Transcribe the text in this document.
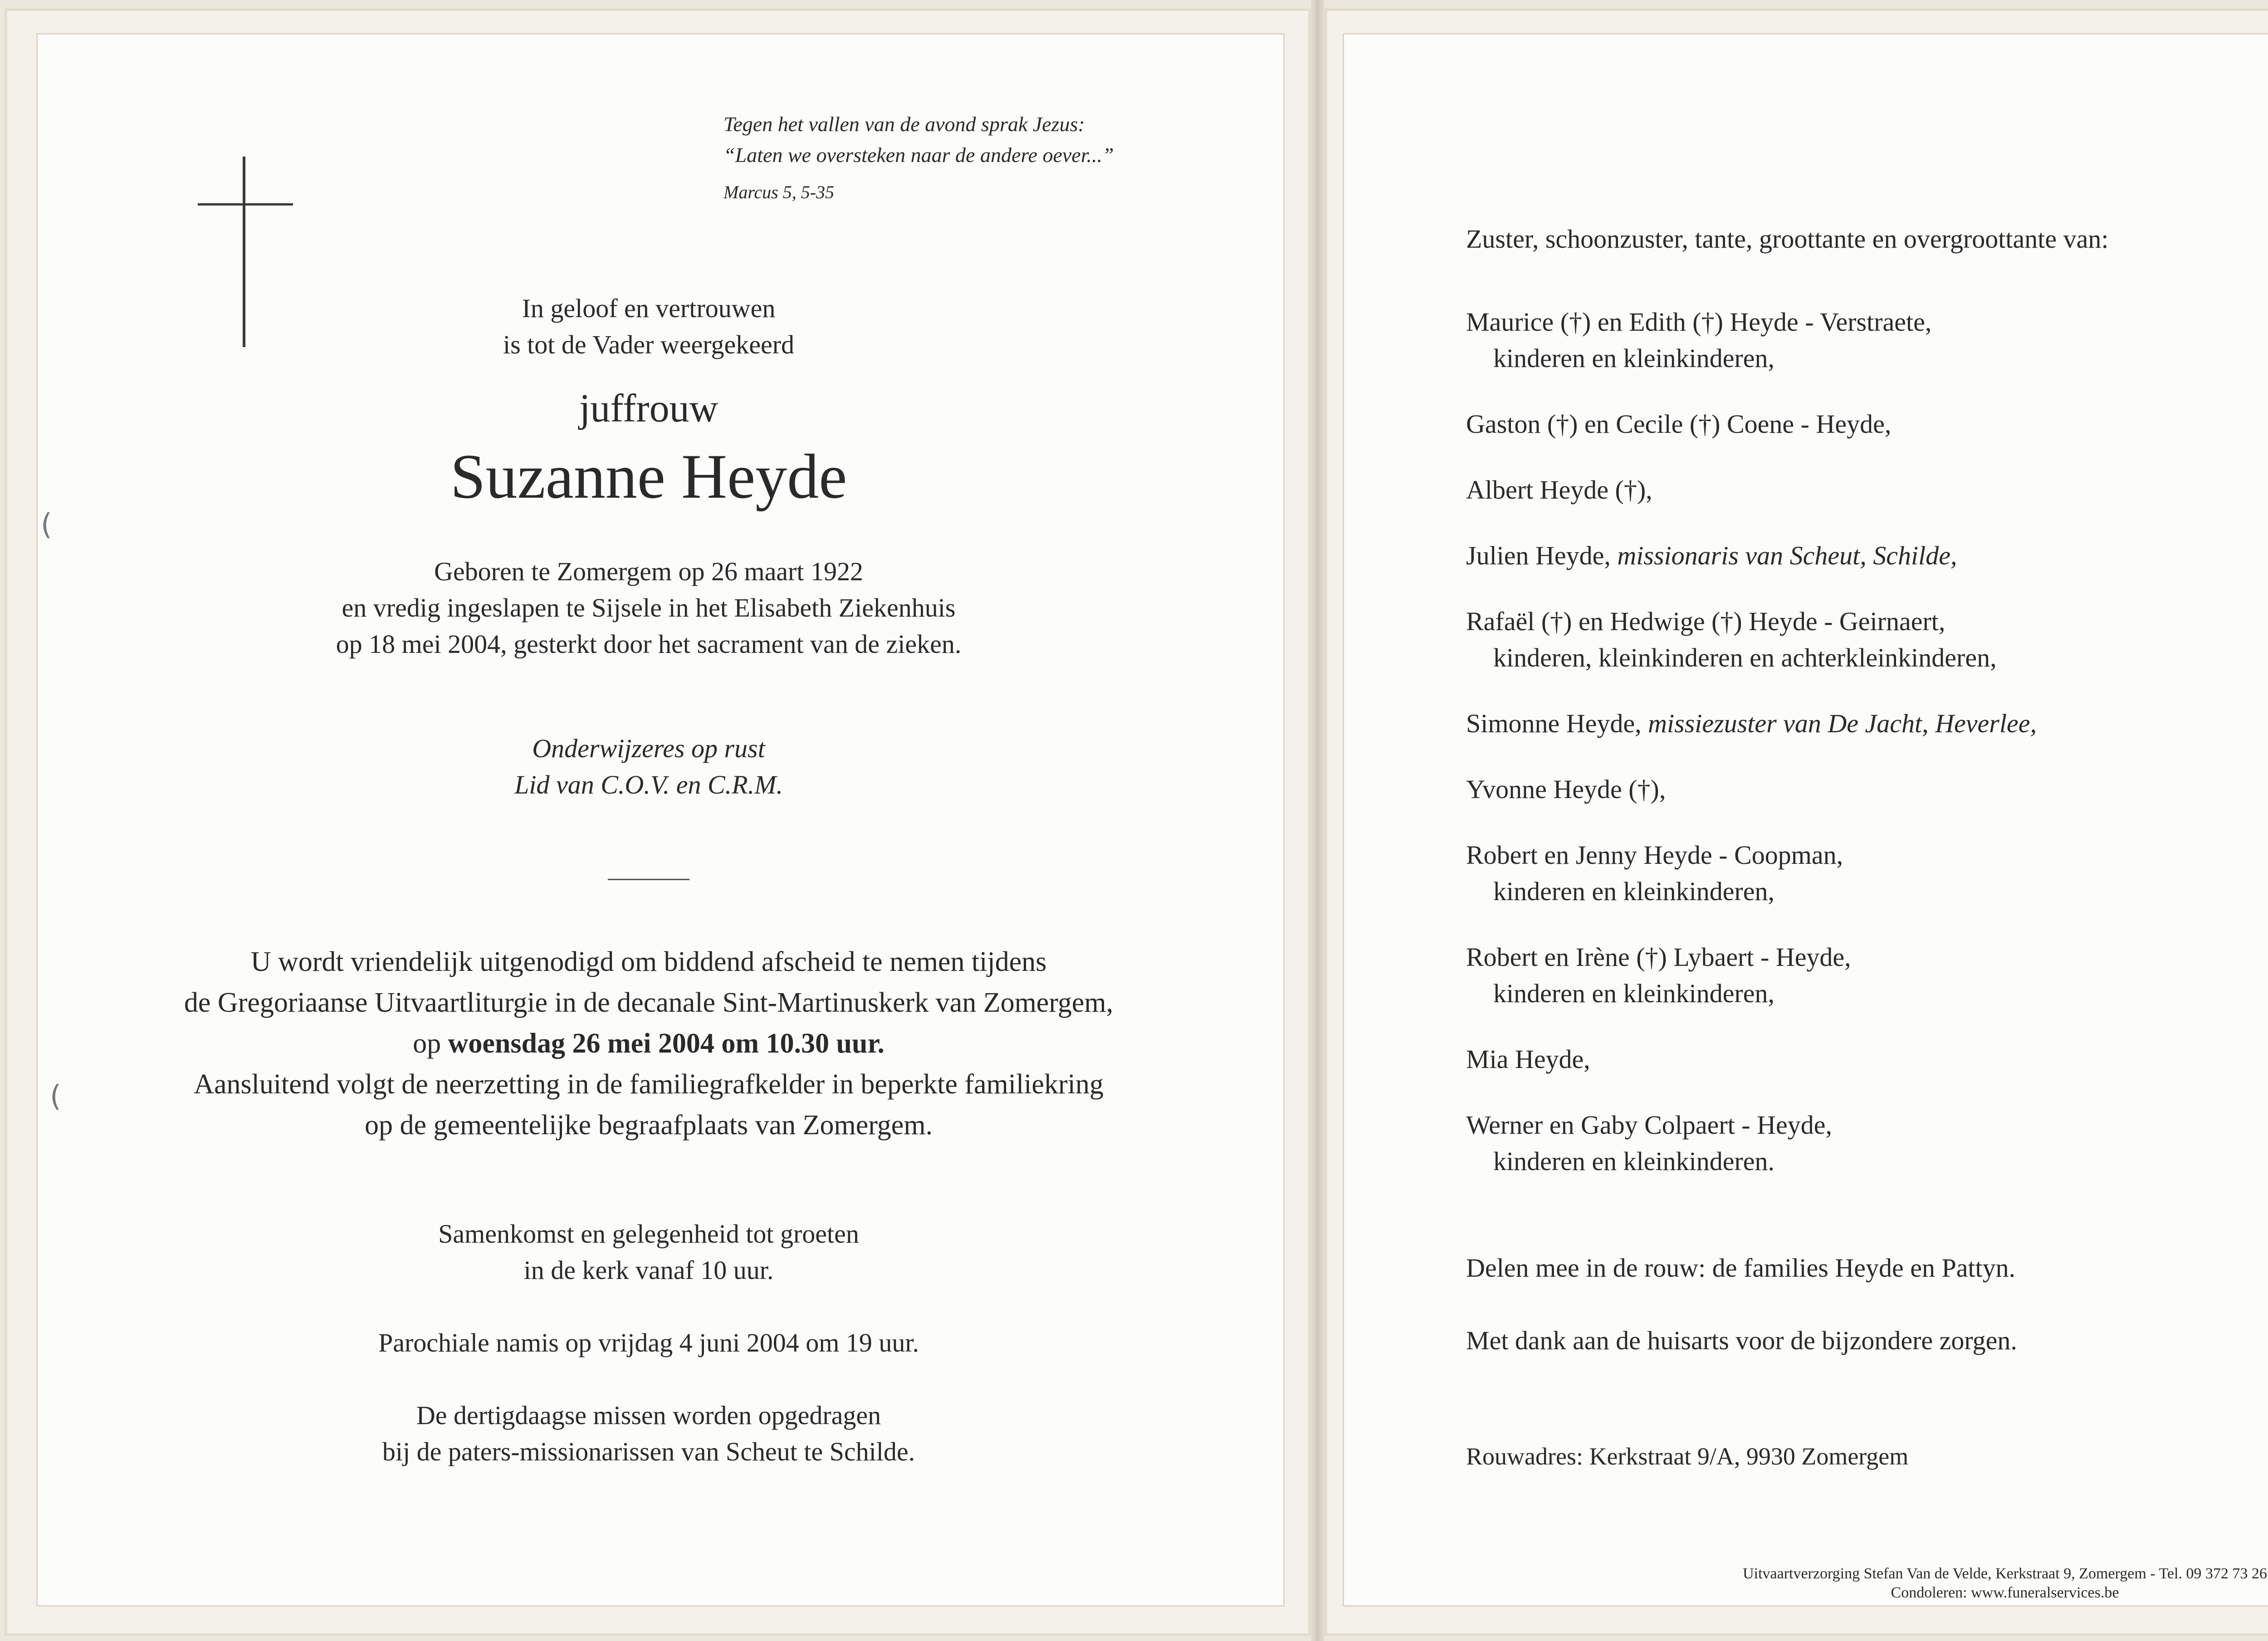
(
(
Tegen het vallen van de avond sprak Jezus:
“Laten we oversteken naar de andere oever...”
Marcus 5, 5-35
In geloof en vertrouwen
is tot de Vader weergekeerd
juffrouw
Suzanne Heyde
Geboren te Zomergem op 26 maart 1922
en vredig ingeslapen te Sijsele in het Elisabeth Ziekenhuis
op 18 mei 2004, gesterkt door het sacrament van de zieken.
Onderwijzeres op rust
Lid van C.O.V. en C.R.M.
U wordt vriendelijk uitgenodigd om biddend afscheid te nemen tijdens
de Gregoriaanse Uitvaartliturgie in de decanale Sint-Martinuskerk van Zomergem,
op woensdag 26 mei 2004 om 10.30 uur.
Aansluitend volgt de neerzetting in de familiegrafkelder in beperkte familiekring
op de gemeentelijke begraafplaats van Zomergem.
Samenkomst en gelegenheid tot groeten
in de kerk vanaf 10 uur.
Parochiale namis op vrijdag 4 juni 2004 om 19 uur.
De dertigdaagse missen worden opgedragen
bij de paters-missionarissen van Scheut te Schilde.
Zuster, schoonzuster, tante, groottante en overgroottante van:
Maurice (†) en Edith (†) Heyde - Verstraete,
kinderen en kleinkinderen,
Gaston (†) en Cecile (†) Coene - Heyde,
Albert Heyde (†),
Julien Heyde, missionaris van Scheut, Schilde,
Rafaël (†) en Hedwige (†) Heyde - Geirnaert,
kinderen, kleinkinderen en achterkleinkinderen,
Simonne Heyde, missiezuster van De Jacht, Heverlee,
Yvonne Heyde (†),
Robert en Jenny Heyde - Coopman,
kinderen en kleinkinderen,
Robert en Irène (†) Lybaert - Heyde,
kinderen en kleinkinderen,
Mia Heyde,
Werner en Gaby Colpaert - Heyde,
kinderen en kleinkinderen.
Delen mee in de rouw: de families Heyde en Pattyn.
Met dank aan de huisarts voor de bijzondere zorgen.
Rouwadres: Kerkstraat 9/A, 9930 Zomergem
Uitvaartverzorging Stefan Van de Velde, Kerkstraat 9, Zomergem - Tel. 09 372 73 26
Condoleren: www.funeralservices.be
